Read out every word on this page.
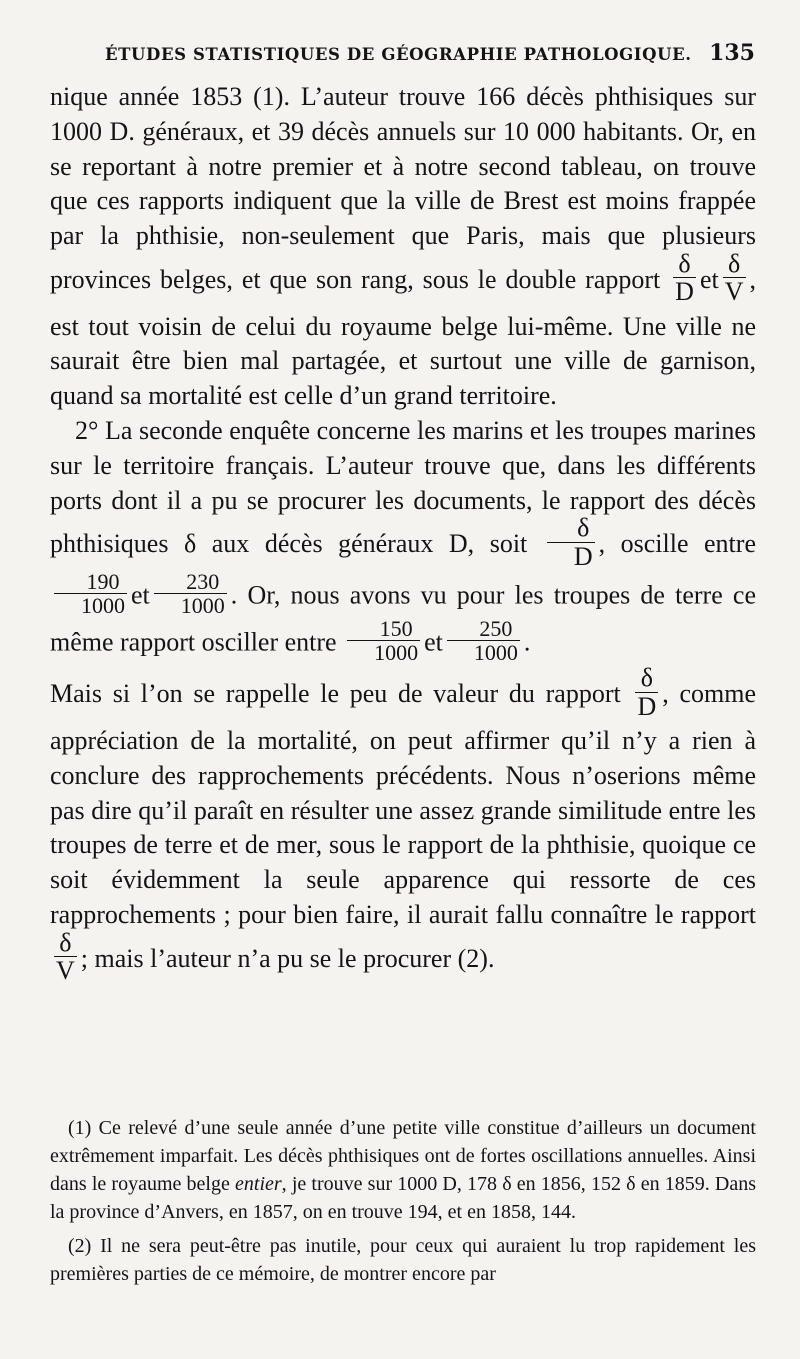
ÉTUDES STATISTIQUES DE GÉOGRAPHIE PATHOLOGIQUE. 135

nique année 1853 (1). L’auteur trouve 166 décès phthisiques sur 1000 D. généraux, et 39 décès annuels sur 10 000 habitants. Or, en se reportant à notre premier et à notre second tableau, on trouve que ces rapports indiquent que la ville de Brest est moins frappée par la phthisie, non-seulement que Paris, mais que plusieurs provinces belges, et que son rang, sous le double rapport $\frac{\delta}{D}$ et $\frac{\delta}{V}$ , est tout voisin de celui du royaume belge lui-même. Une ville ne saurait être bien mal partagée, et surtout une ville de garnison, quand sa mortalité est celle d’un grand territoire.

2° La seconde enquête concerne les marins et les troupes marines sur le territoire français. L’auteur trouve que, dans les différents ports dont il a pu se procurer les documents, le rapport des décès phthisiques δ aux décès généraux D, soit $\frac{\delta}{D}$ , oscille entre
$\frac{190}{1000}$ et $\frac{230}{1000}$ . Or, nous avons vu pour les troupes de terre ce même rapport osciller entre $\frac{150}{1000}$ et $\frac{250}{1000}$ .

Mais si l’on se rappelle le peu de valeur du rapport $\frac{\delta}{D}$ , comme appréciation de la mortalité, on peut affirmer qu’il n’y a rien à conclure des rapprochements précédents. Nous n’oserions même pas dire qu’il paraît en résulter une assez grande similitude entre les troupes de terre et de mer, sous le rapport de la phthisie, quoique ce soit évidemment la seule apparence qui ressorte de ces rapprochements ; pour bien faire, il aurait fallu connaître le rapport
$\frac{\delta}{V}$ ; mais l’auteur n’a pu se le procurer (2).

(1) Ce relevé d’une seule année d’une petite ville constitue d’ailleurs un document extrêmement imparfait. Les décès phthisiques ont de fortes oscillations annuelles. Ainsi dans le royaume belge entier, je trouve sur 1000 D, 178 δ en 1856, 152 δ en 1859. Dans la province d’Anvers, en 1857, on en trouve 194, et en 1858, 144.

(2) Il ne sera peut-être pas inutile, pour ceux qui auraient lu trop rapidement les premières parties de ce mémoire, de montrer encore par
